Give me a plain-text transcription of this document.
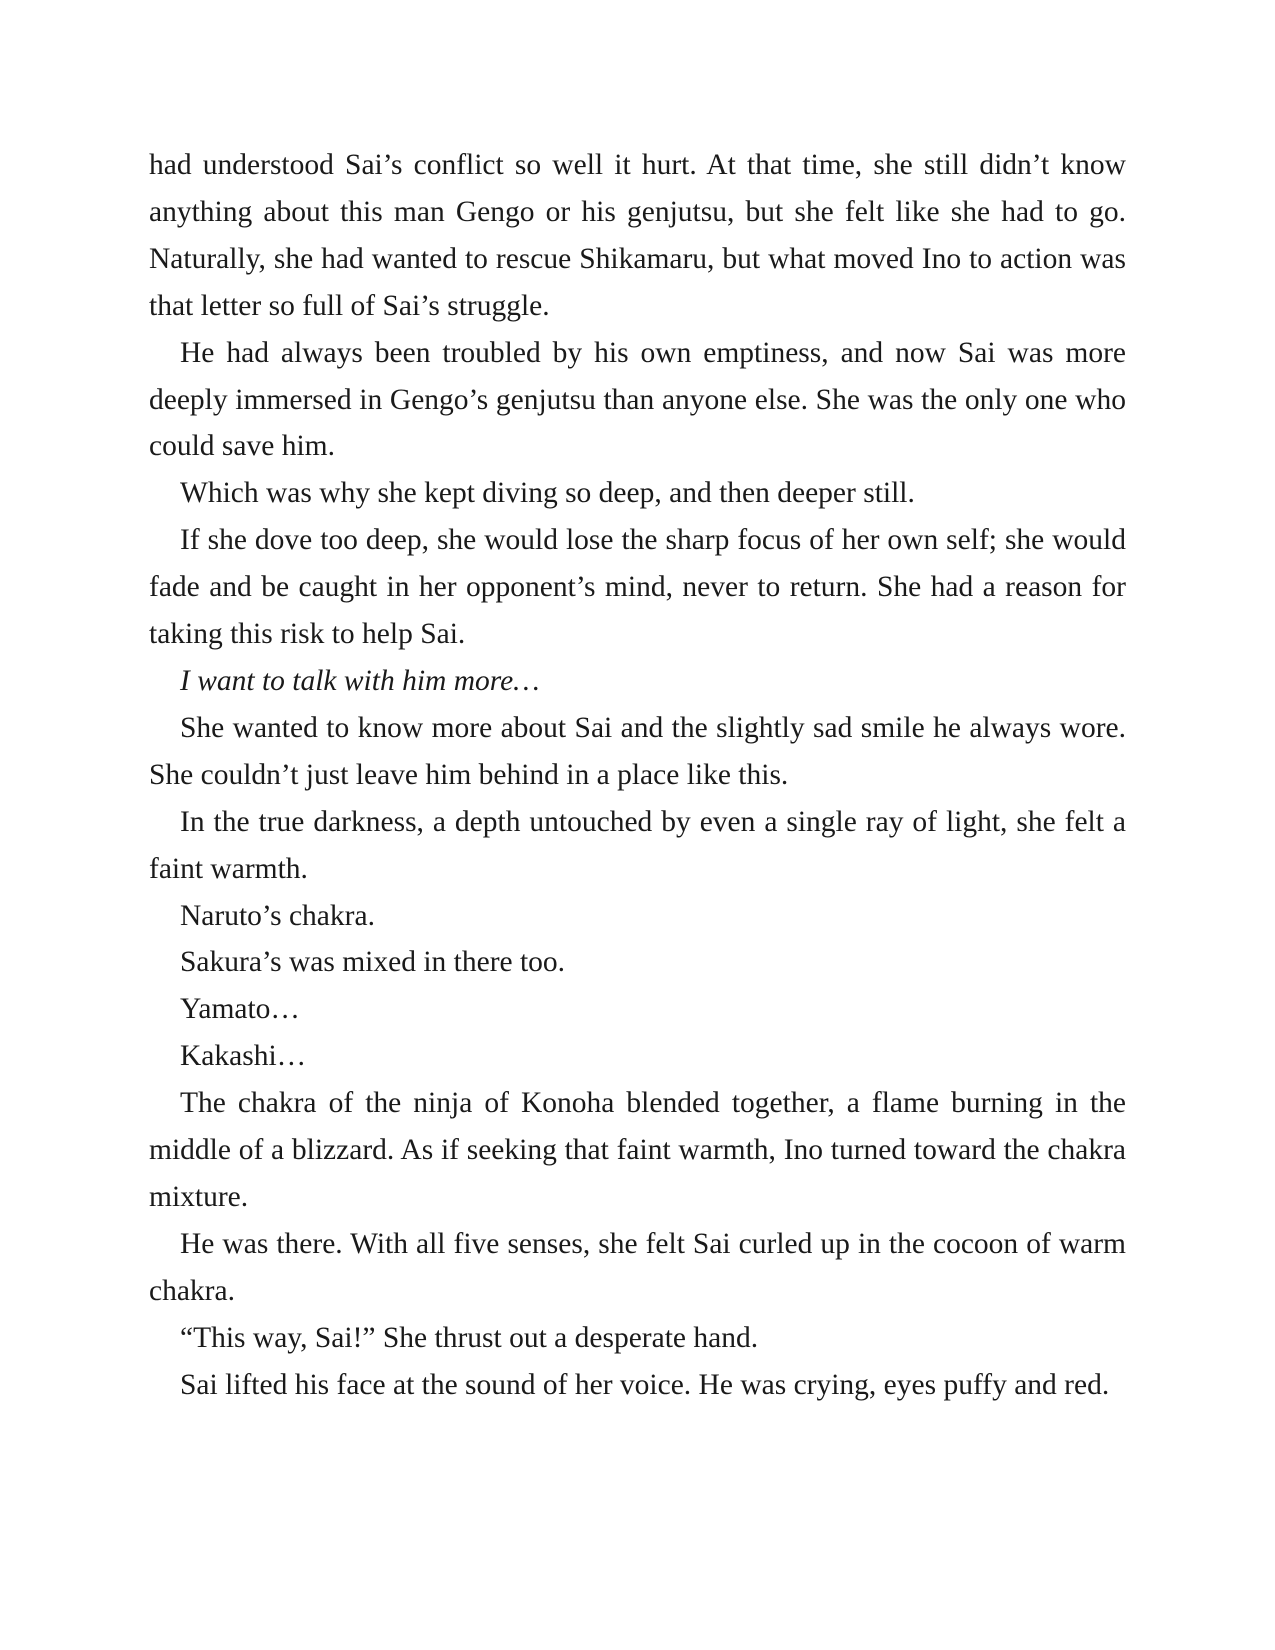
had understood Sai’s conflict so well it hurt. At that time, she still didn’t know anything about this man Gengo or his genjutsu, but she felt like she had to go. Naturally, she had wanted to rescue Shikamaru, but what moved Ino to action was that letter so full of Sai’s struggle.

He had always been troubled by his own emptiness, and now Sai was more deeply immersed in Gengo’s genjutsu than anyone else. She was the only one who could save him.

Which was why she kept diving so deep, and then deeper still.

If she dove too deep, she would lose the sharp focus of her own self; she would fade and be caught in her opponent’s mind, never to return. She had a reason for taking this risk to help Sai.

I want to talk with him more…

She wanted to know more about Sai and the slightly sad smile he always wore. She couldn’t just leave him behind in a place like this.

In the true darkness, a depth untouched by even a single ray of light, she felt a faint warmth.

Naruto’s chakra.

Sakura’s was mixed in there too.

Yamato…

Kakashi…

The chakra of the ninja of Konoha blended together, a flame burning in the middle of a blizzard. As if seeking that faint warmth, Ino turned toward the chakra mixture.

He was there. With all five senses, she felt Sai curled up in the cocoon of warm chakra.

“This way, Sai!” She thrust out a desperate hand.

Sai lifted his face at the sound of her voice. He was crying, eyes puffy and red.
